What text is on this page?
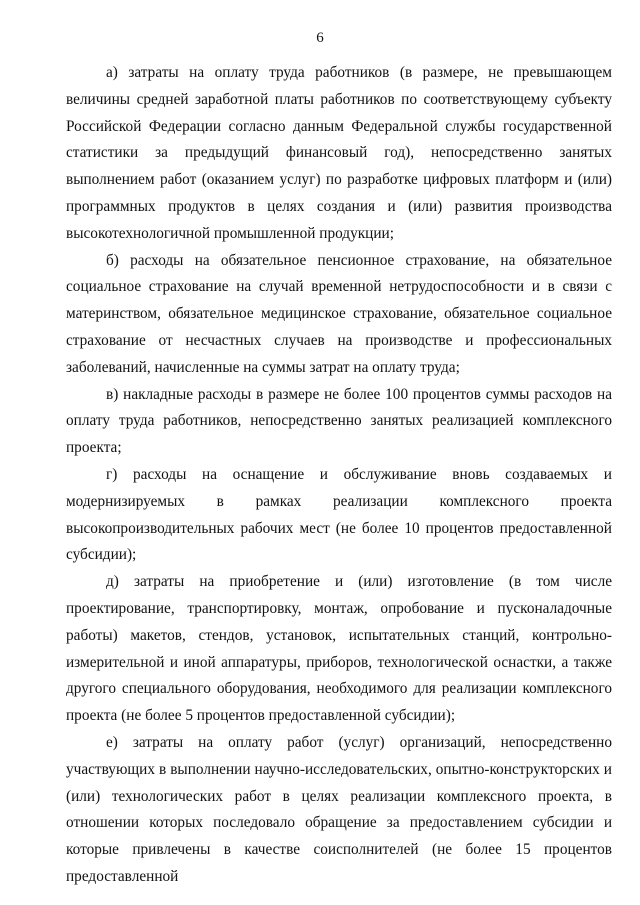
6

а) затраты на оплату труда работников (в размере, не превышающем величины средней заработной платы работников по соответствующему субъекту Российской Федерации согласно данным Федеральной службы государственной статистики за предыдущий финансовый год), непосредственно занятых выполнением работ (оказанием услуг) по разработке цифровых платформ и (или) программных продуктов в целях создания и (или) развития производства высокотехнологичной промышленной продукции;

б) расходы на обязательное пенсионное страхование, на обязательное социальное страхование на случай временной нетрудоспособности и в связи с материнством, обязательное медицинское страхование, обязательное социальное страхование от несчастных случаев на производстве и профессиональных заболеваний, начисленные на суммы затрат на оплату труда;

в) накладные расходы в размере не более 100 процентов суммы расходов на оплату труда работников, непосредственно занятых реализацией комплексного проекта;

г) расходы на оснащение и обслуживание вновь создаваемых и модернизируемых в рамках реализации комплексного проекта высокопроизводительных рабочих мест (не более 10 процентов предоставленной субсидии);

д) затраты на приобретение и (или) изготовление (в том числе проектирование, транспортировку, монтаж, опробование и пусконаладочные работы) макетов, стендов, установок, испытательных станций, контрольно-измерительной и иной аппаратуры, приборов, технологической оснастки, а также другого специального оборудования, необходимого для реализации комплексного проекта (не более 5 процентов предоставленной субсидии);

е) затраты на оплату работ (услуг) организаций, непосредственно участвующих в выполнении научно-исследовательских, опытно-конструкторских и (или) технологических работ в целях реализации комплексного проекта, в отношении которых последовало обращение за предоставлением субсидии и которые привлечены в качестве соисполнителей (не более 15 процентов предоставленной
